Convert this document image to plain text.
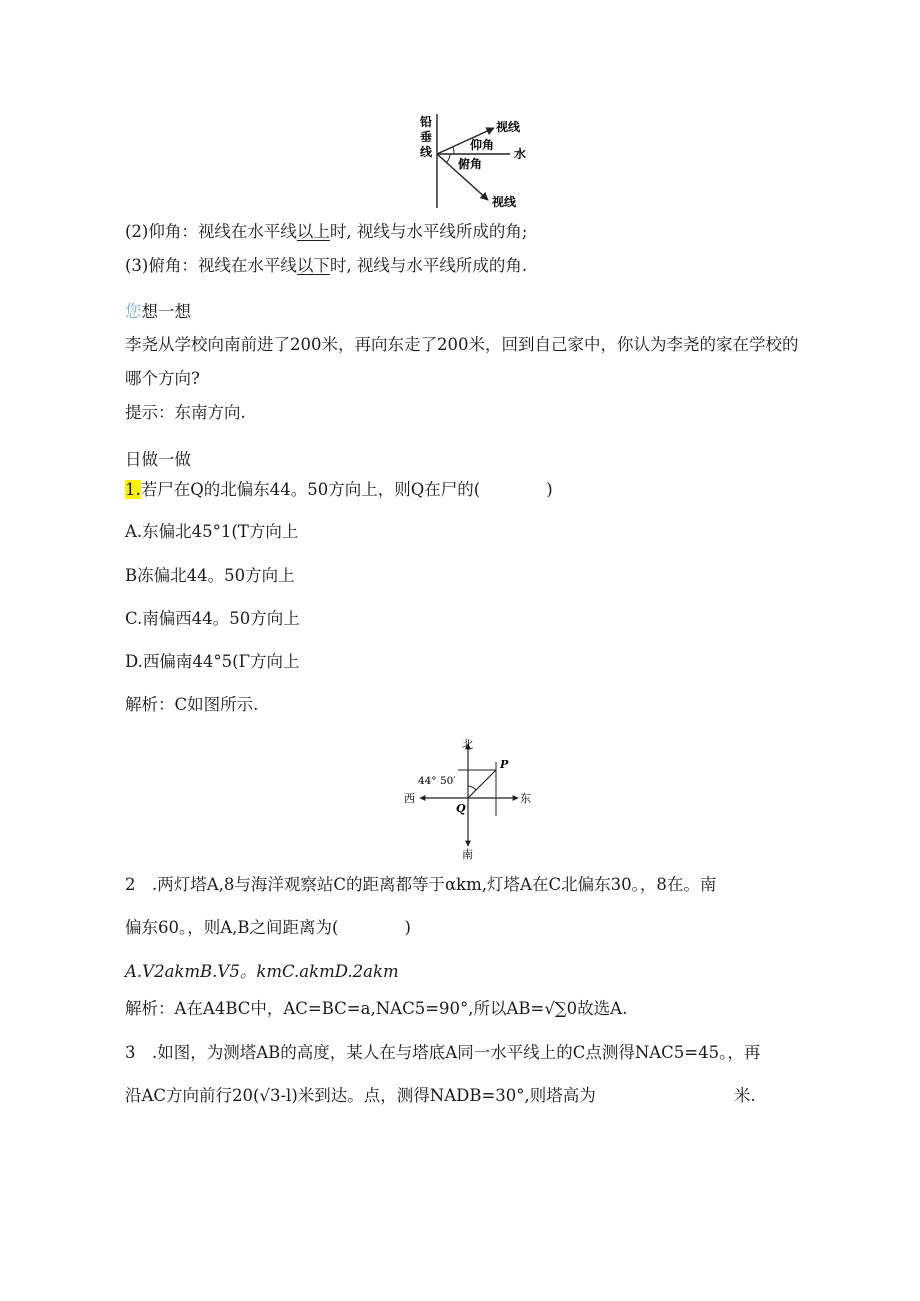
铅
垂
线
视线
仰角
水
俯角
视线
(2)仰角：视线在水平线以上时, 视线与水平线所成的角;
(3)俯角：视线在水平线以下时, 视线与水平线所成的角.
您想一想
李尧从学校向南前进了200米，再向东走了200米，回到自己家中，你认为李尧的家在学校的
哪个方向?
提示：东南方向.
日做一做
1.若尸在Q的北偏东44。50方向上，则Q在尸的(　　　　)
A.东偏北45°1(T方向上
B冻偏北44。50方向上
C.南偏西44。50方向上
D.西偏南44°5(Γ方向上
解析：C如图所示.
北
南
西	东
44° 50′
P
Q
2　.两灯塔A,8与海洋观察站C的距离都等于αkm,灯塔A在C北偏东30。，8在。南
偏东60。，则A,B之间距离为(　　　　)
A.V2akmB.V5。kmC.akmD.2akm
解析：A在A4BC中，AC=BC=a,NAC5=90°,所以AB=√∑0故选A.
3　.如图，为测塔AB的高度，某人在与塔底A同一水平线上的C点测得NAC5=45。，再
沿AC方向前行20(√3-l)米到达。点，测得NADB=30°,则塔高为	米.
